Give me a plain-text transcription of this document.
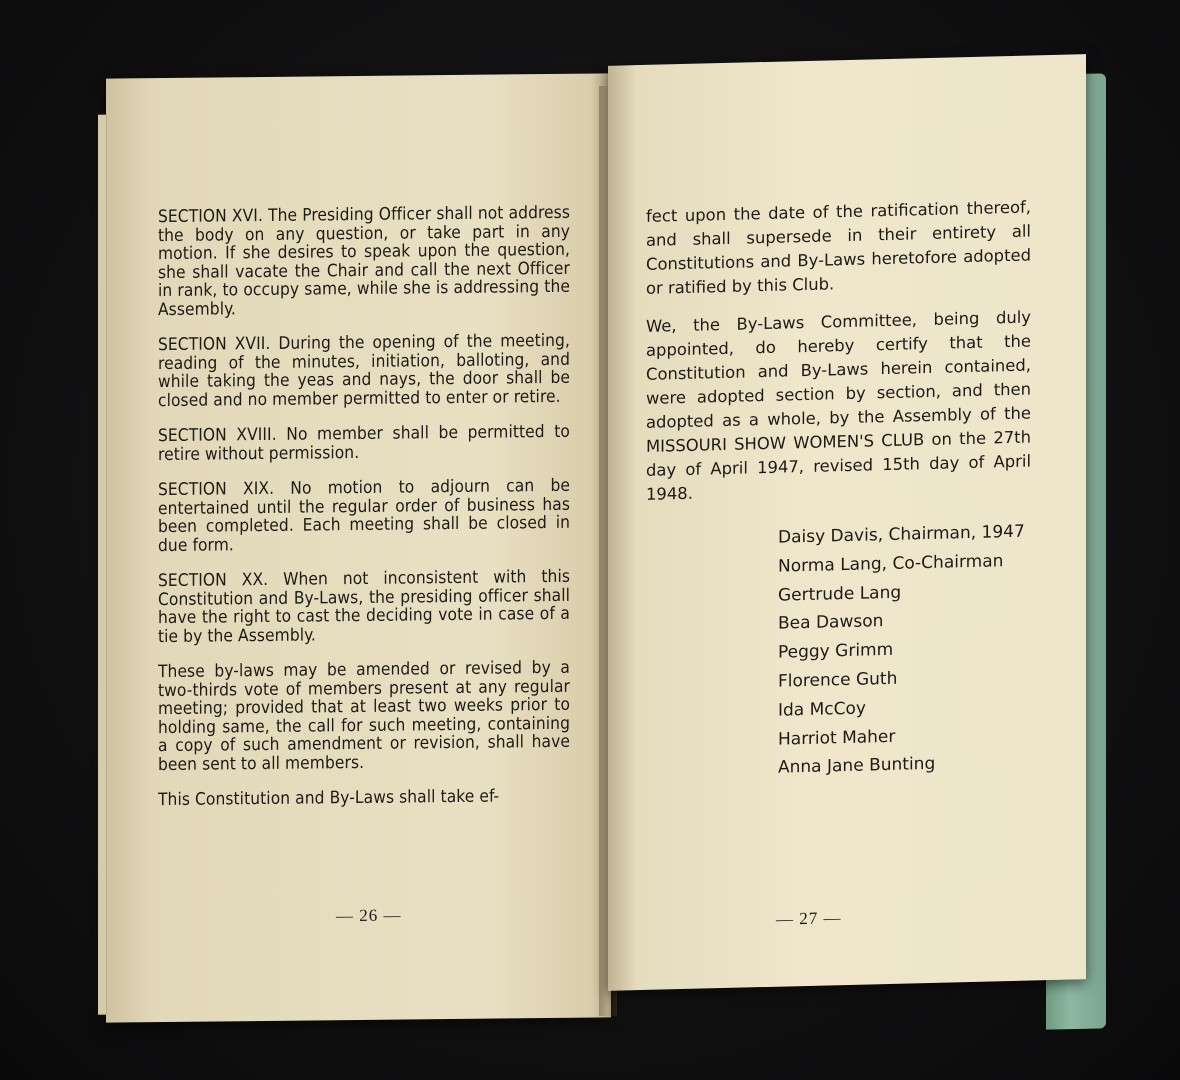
SECTION XVI. The Presiding Officer shall not address the body on any question, or take part in any motion. If she desires to speak upon the question, she shall vacate the Chair and call the next Officer in rank, to occupy same, while she is addressing the Assembly.

SECTION XVII. During the opening of the meeting, reading of the minutes, initiation, balloting, and while taking the yeas and nays, the door shall be closed and no member permitted to enter or retire.

SECTION XVIII. No member shall be permitted to retire without permission.

SECTION XIX. No motion to adjourn can be entertained until the regular order of business has been completed. Each meeting shall be closed in due form.

SECTION XX. When not inconsistent with this Constitution and By-Laws, the presiding officer shall have the right to cast the deciding vote in case of a tie by the Assembly.

These by-laws may be amended or revised by a two-thirds vote of members present at any regular meeting; provided that at least two weeks prior to holding same, the call for such meeting, containing a copy of such amendment or revision, shall have been sent to all members.

This Constitution and By-Laws shall take ef-

— 26 —

fect upon the date of the ratification thereof, and shall supersede in their entirety all Constitutions and By-Laws heretofore adopted or ratified by this Club.

We, the By-Laws Committee, being duly appointed, do hereby certify that the Constitution and By-Laws herein contained, were adopted section by section, and then adopted as a whole, by the Assembly of the MISSOURI SHOW WOMEN'S CLUB on the 27th day of April 1947, revised 15th day of April 1948.

Daisy Davis, Chairman, 1947
Norma Lang, Co-Chairman
Gertrude Lang
Bea Dawson
Peggy Grimm
Florence Guth
Ida McCoy
Harriot Maher
Anna Jane Bunting
— 27 —
